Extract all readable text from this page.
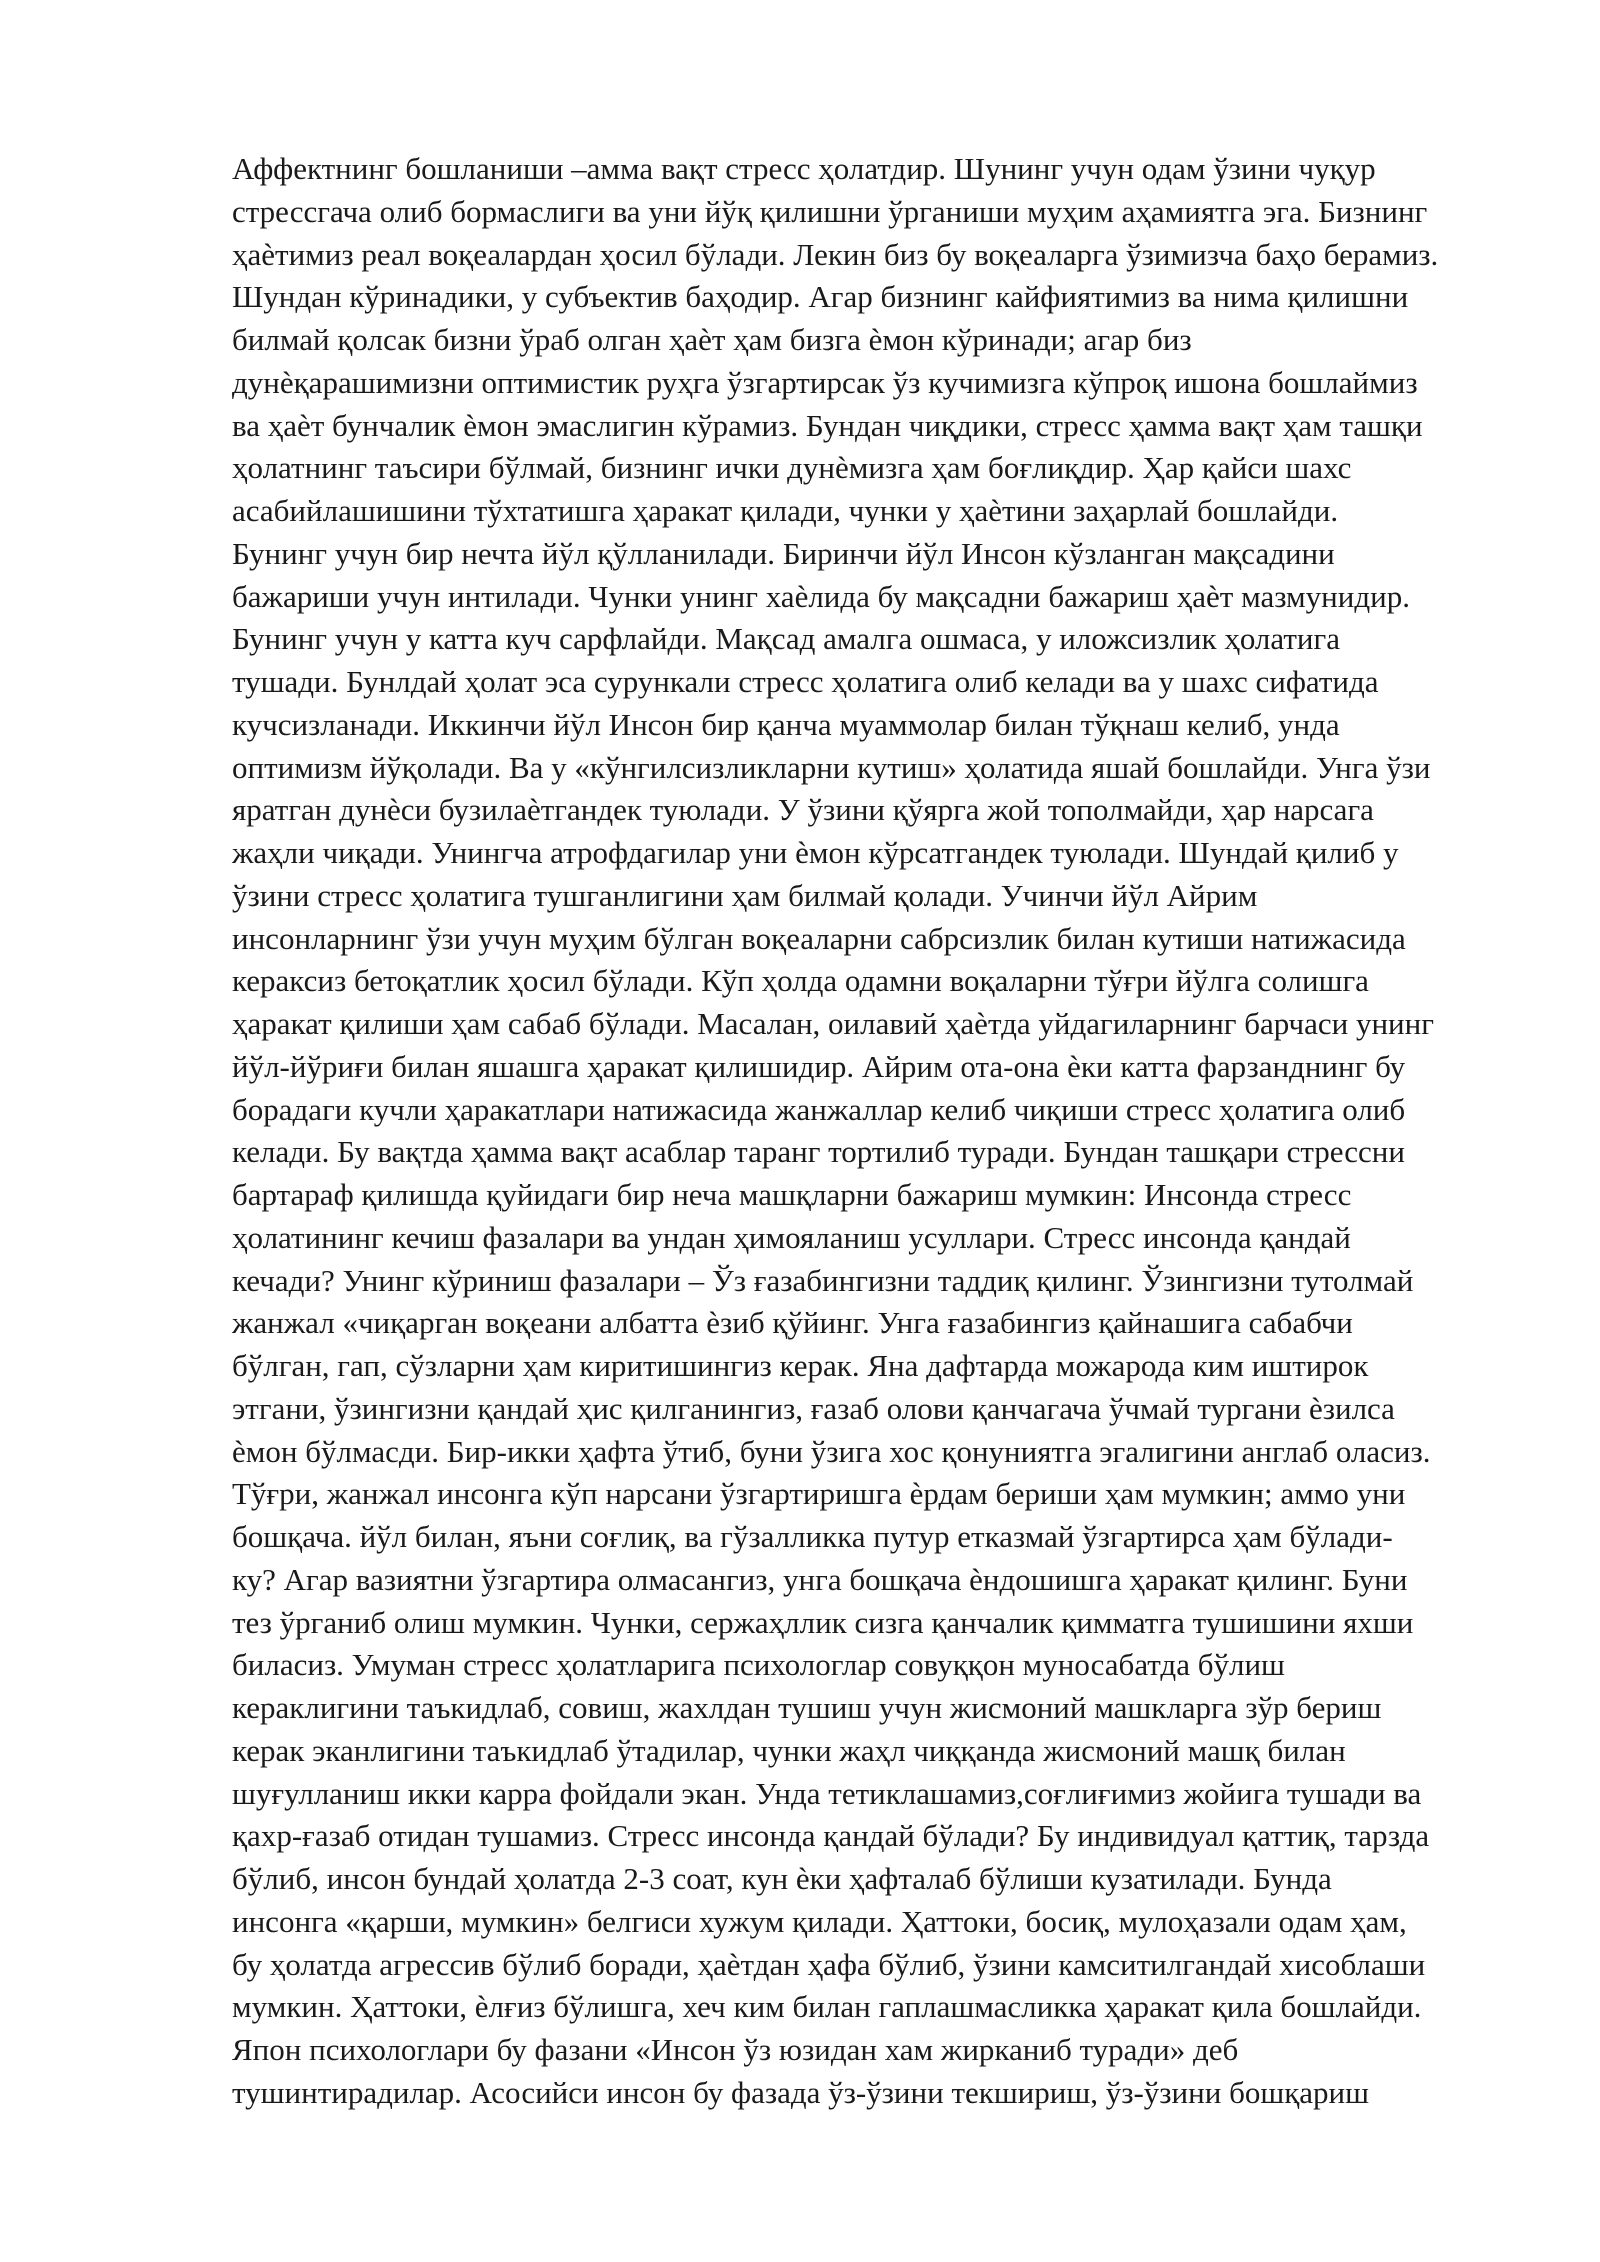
Аффектнинг бошланиши –амма вақт стресс ҳолатдир. Шунинг учун одам ўзини чуқур
стрессгача олиб бормаслиги ва уни йўқ қилишни ўрганиши муҳим аҳамиятга эга. Бизнинг
ҳаѐтимиз реал воқеалардан ҳосил бўлади. Лекин биз бу воқеаларга ўзимизча баҳо берамиз.
Шундан кўринадики, у субъектив баҳодир. Агар бизнинг кайфиятимиз ва нима қилишни
билмай қолсак бизни ўраб олган ҳаѐт ҳам бизга ѐмон кўринади; агар биз
дунѐқарашимизни оптимистик руҳга ўзгартирсак ўз кучимизга кўпроқ ишона бошлаймиз
ва ҳаѐт бунчалик ѐмон эмаслигин кўрамиз. Бундан чиқдики, стресс ҳамма вақт ҳам ташқи
ҳолатнинг таъсири бўлмай, бизнинг ички дунѐмизга ҳам боғлиқдир. Ҳар қайси шахс
асабийлашишини тўхтатишга ҳаракат қилади, чунки у ҳаѐтини заҳарлай бошлайди.
Бунинг учун бир нечта йўл қўлланилади. Биринчи йўл Инсон кўзланган мақсадини
бажариши учун интилади. Чунки унинг хаѐлида бу мақсадни бажариш ҳаѐт мазмунидир.
Бунинг учун у катта куч сарфлайди. Мақсад амалга ошмаса, у иложсизлик ҳолатига
тушади. Бунлдай ҳолат эса сурункали стресс ҳолатига олиб келади ва у шахс сифатида
кучсизланади. Иккинчи йўл Инсон бир қанча муаммолар билан тўқнаш келиб, унда
оптимизм йўқолади. Ва у «кўнгилсизликларни кутиш» ҳолатида яшай бошлайди. Унга ўзи
яратган дунѐси бузилаѐтгандек туюлади. У ўзини қўярга жой тополмайди, ҳар нарсага
жаҳли чиқади. Унингча атрофдагилар уни ѐмон кўрсатгандек туюлади. Шундай қилиб у
ўзини стресс ҳолатига тушганлигини ҳам билмай қолади. Учинчи йўл Айрим
инсонларнинг ўзи учун муҳим бўлган воқеаларни сабрсизлик билан кутиши натижасида
кераксиз бетоқатлик ҳосил бўлади. Кўп ҳолда одамни воқаларни тўғри йўлга солишга
ҳаракат қилиши ҳам сабаб бўлади. Масалан, оилавий ҳаѐтда уйдагиларнинг барчаси унинг
йўл-йўриғи билан яшашга ҳаракат қилишидир. Айрим ота-она ѐки катта фарзанднинг бу
борадаги кучли ҳаракатлари натижасида жанжаллар келиб чиқиши стресс ҳолатига олиб
келади. Бу вақтда ҳамма вақт асаблар таранг тортилиб туради. Бундан ташқари стрессни
бартараф қилишда қуйидаги бир неча машқларни бажариш мумкин: Инсонда стресс
ҳолатининг кечиш фазалари ва ундан ҳимояланиш усуллари. Стресс инсонда қандай
кечади? Унинг кўриниш фазалари – Ўз ғазабингизни таддиқ қилинг. Ўзингизни тутолмай
жанжал «чиқарган воқеани албатта ѐзиб қўйинг. Унга ғазабингиз қайнашига сабабчи
бўлган, гап, сўзларни ҳам киритишингиз керак. Яна дафтарда можарода ким иштирок
этгани, ўзингизни қандай ҳис қилганингиз, ғазаб олови қанчагача ўчмай тургани ѐзилса
ѐмон бўлмасди. Бир-икки ҳафта ўтиб, буни ўзига хос қонуниятга эгалигини англаб оласиз.
Тўғри, жанжал инсонга кўп нарсани ўзгартиришга ѐрдам бериши ҳам мумкин; аммо уни
бошқача. йўл билан, яъни соғлиқ, ва гўзалликка путур етказмай ўзгартирса ҳам бўлади-
ку? Агар вазиятни ўзгартира олмасангиз, унга бошқача ѐндошишга ҳаракат қилинг. Буни
тез ўрганиб олиш мумкин. Чунки, сержаҳллик сизга қанчалик қимматга тушишини яхши
биласиз. Умуман стресс ҳолатларига психологлар совуққон муносабатда бўлиш
кераклигини таъкидлаб, совиш, жахлдан тушиш учун жисмоний машкларга зўр бериш
керак эканлигини таъкидлаб ўтадилар, чунки жаҳл чиққанда жисмоний машқ билан
шуғулланиш икки карра фойдали экан. Унда тетиклашамиз,соғлиғимиз жойига тушади ва
қахр-ғазаб отидан тушамиз. Стресс инсонда қандай бўлади? Бу индивидуал қаттиқ, тарзда
бўлиб, инсон бундай ҳолатда 2-3 соат, кун ѐки ҳафталаб бўлиши кузатилади. Бунда
инсонга «қарши, мумкин» белгиси хужум қилади. Ҳаттоки, босиқ, мулоҳазали одам ҳам,
бу ҳолатда агрессив бўлиб боради, ҳаѐтдан ҳафа бўлиб, ўзини камситилгандай хисоблаши
мумкин. Ҳаттоки, ѐлғиз бўлишга, хеч ким билан гаплашмасликка ҳаракат қила бошлайди.
Япон психологлари бу фазани «Инсон ўз юзидан хам жирканиб туради» деб
тушинтирадилар. Асосийси инсон бу фазада ўз-ўзини текшириш, ўз-ўзини бошқариш
